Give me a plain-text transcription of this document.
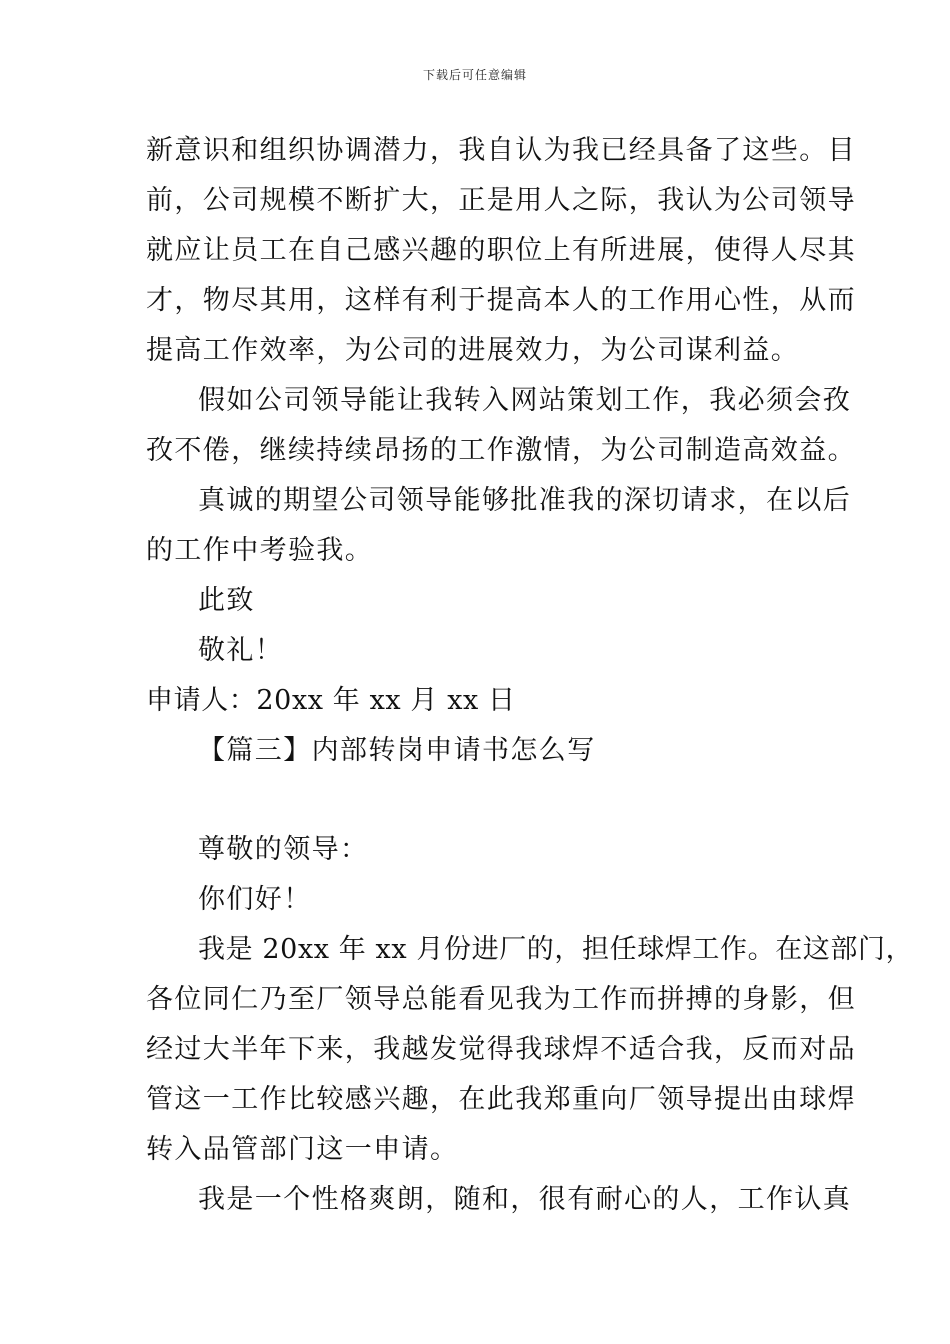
下载后可任意编辑
新意识和组织协调潜力，我自认为我已经具备了这些。目
前，公司规模不断扩大，正是用人之际，我认为公司领导
就应让员工在自己感兴趣的职位上有所进展，使得人尽其
才，物尽其用，这样有利于提高本人的工作用心性，从而
提高工作效率，为公司的进展效力，为公司谋利益。
假如公司领导能让我转入网站策划工作，我必须会孜
孜不倦，继续持续昂扬的工作激情，为公司制造高效益。
真诚的期望公司领导能够批准我的深切请求，在以后
的工作中考验我。
此致
敬礼！
申请人：20xx 年 xx 月 xx 日
【篇三】内部转岗申请书怎么写
尊敬的领导：
你们好！
我是 20xx 年 xx 月份进厂的，担任球焊工作。在这部门，
各位同仁乃至厂领导总能看见我为工作而拼搏的身影，但
经过大半年下来，我越发觉得我球焊不适合我，反而对品
管这一工作比较感兴趣，在此我郑重向厂领导提出由球焊
转入品管部门这一申请。
我是一个性格爽朗，随和，很有耐心的人，工作认真
